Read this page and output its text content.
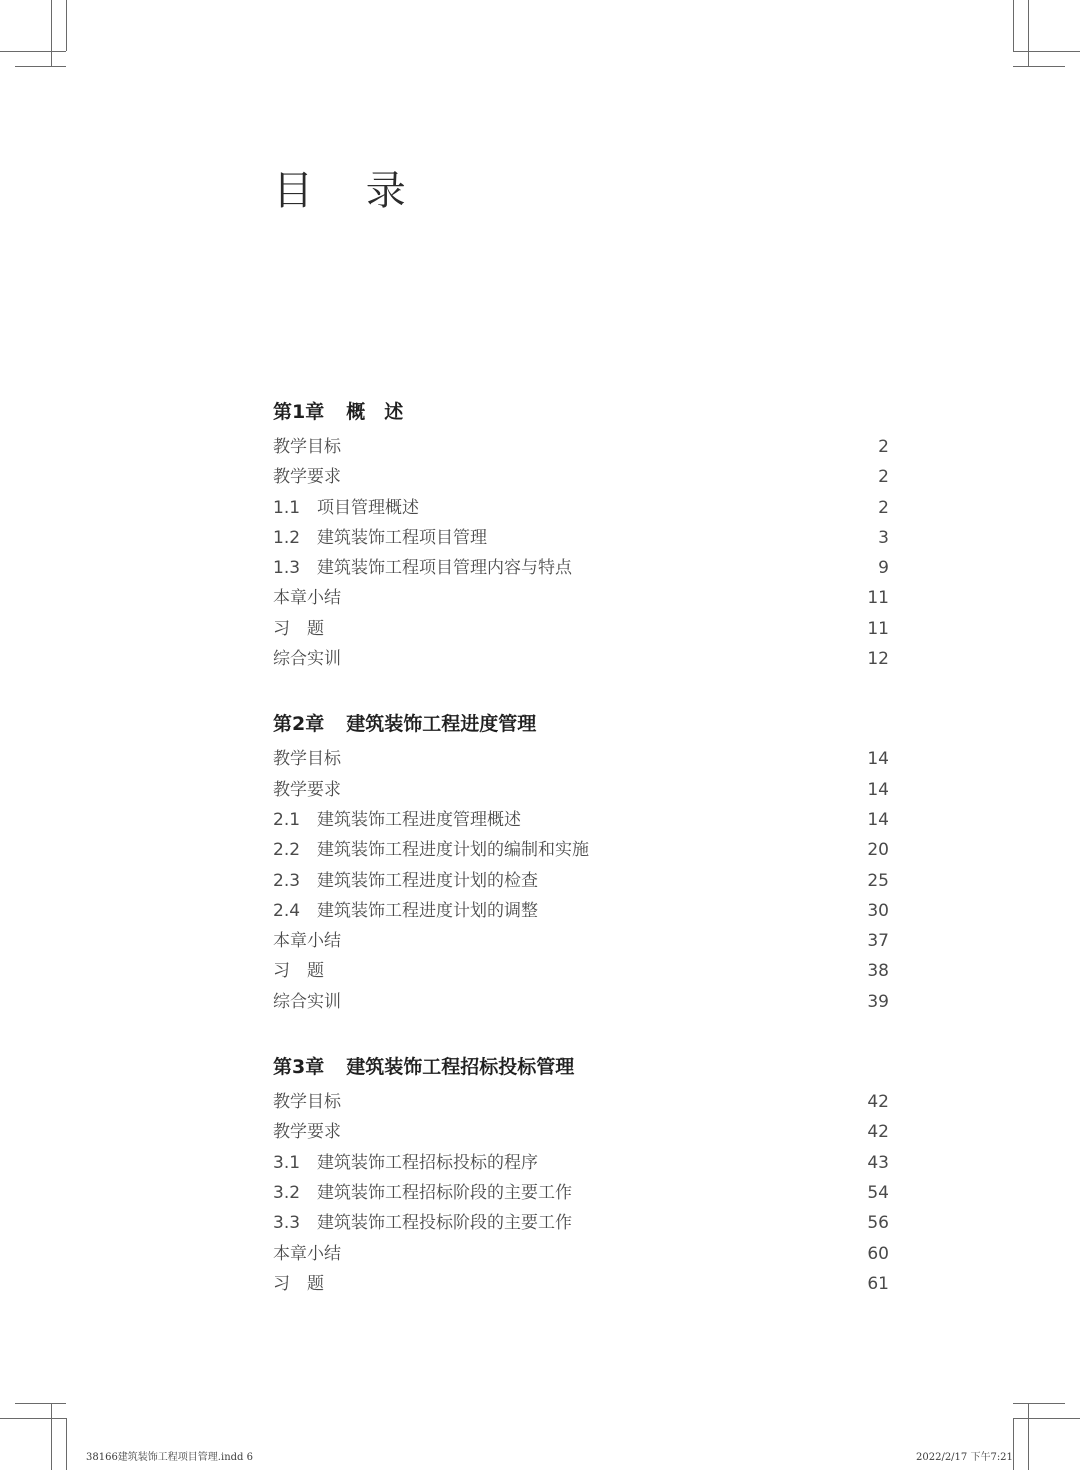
目 录
第1章 概　述
教学目标	2
教学要求	2
1.1 项目管理概述	2
1.2 建筑装饰工程项目管理	3
1.3 建筑装饰工程项目管理内容与特点	9
本章小结	11
习　题	11
综合实训	12
第2章 建筑装饰工程进度管理
教学目标	14
教学要求	14
2.1 建筑装饰工程进度管理概述	14
2.2 建筑装饰工程进度计划的编制和实施	20
2.3 建筑装饰工程进度计划的检查	25
2.4 建筑装饰工程进度计划的调整	30
本章小结	37
习　题	38
综合实训	39
第3章 建筑装饰工程招标投标管理
教学目标	42
教学要求	42
3.1 建筑装饰工程招标投标的程序	43
3.2 建筑装饰工程招标阶段的主要工作	54
3.3 建筑装饰工程投标阶段的主要工作	56
本章小结	60
习　题	61
38166建筑装饰工程项目管理.indd 6	2022/2/17 下午7:21
